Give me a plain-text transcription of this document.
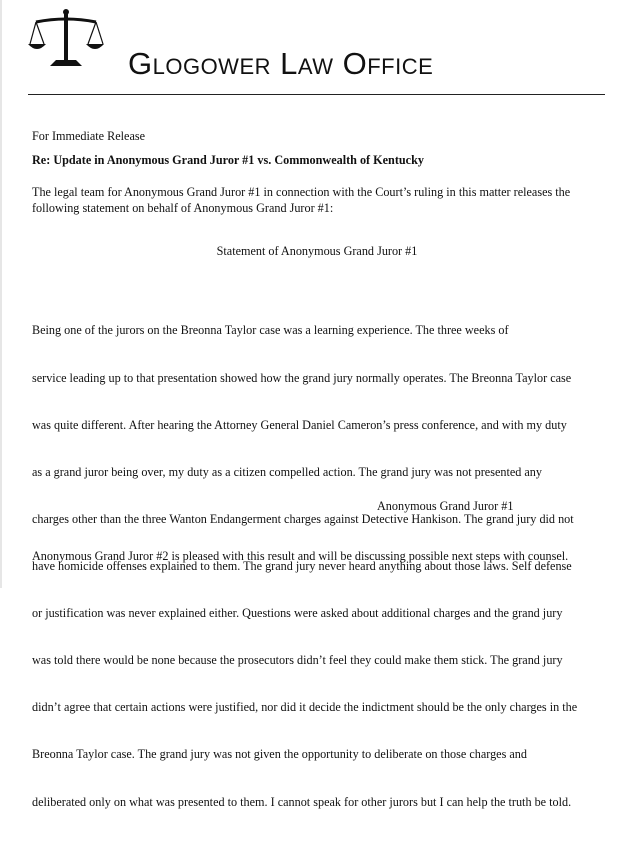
Glogower Law Office
For Immediate Release
Re: Update in Anonymous Grand Juror #1 vs. Commonwealth of Kentucky
The legal team for Anonymous Grand Juror #1 in connection with the Court’s ruling in this matter releases the
following statement on behalf of Anonymous Grand Juror #1:
Statement of Anonymous Grand Juror #1

Being one of the jurors on the Breonna Taylor case was a learning experience. The three weeks of

service leading up to that presentation showed how the grand jury normally operates. The Breonna Taylor case

was quite different. After hearing the Attorney General Daniel Cameron’s press conference, and with my duty

as a grand juror being over, my duty as a citizen compelled action. The grand jury was not presented any

charges other than the three Wanton Endangerment charges against Detective Hankison. The grand jury did not

have homicide offenses explained to them. The grand jury never heard anything about those laws. Self defense

or justification was never explained either. Questions were asked about additional charges and the grand jury

was told there would be none because the prosecutors didn’t feel they could make them stick. The grand jury

didn’t agree that certain actions were justified, nor did it decide the indictment should be the only charges in the

Breonna Taylor case. The grand jury was not given the opportunity to deliberate on those charges and

deliberated only on what was presented to them. I cannot speak for other jurors but I can help the truth be told.

Anonymous Grand Juror #1
Anonymous Grand Juror #2 is pleased with this result and will be discussing possible next steps with counsel.
